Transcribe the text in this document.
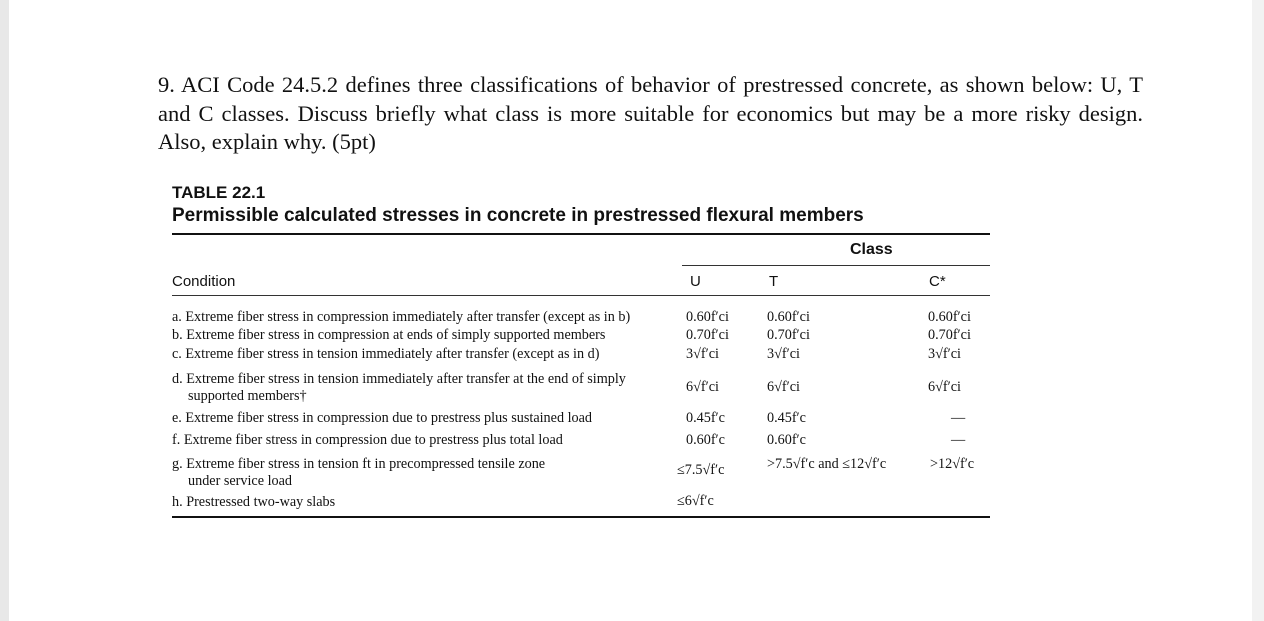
9. ACI Code 24.5.2 defines three classifications of behavior of prestressed concrete, as shown below: U, T and C classes. Discuss briefly what class is more suitable for economics but may be a more risky design. Also, explain why. (5pt)
TABLE 22.1
Permissible calculated stresses in concrete in prestressed flexural members
Class
Condition	U	T	C*
a. Extreme fiber stress in compression immediately after transfer (except as in b)	0.60f′ci	0.60f′ci	0.60f′ci
b. Extreme fiber stress in compression at ends of simply supported members	0.70f′ci	0.70f′ci	0.70f′ci
c. Extreme fiber stress in tension immediately after transfer (except as in d)	3√f′ci	3√f′ci	3√f′ci
d. Extreme fiber stress in tension immediately after transfer at the end of simply
supported members†
6√f′ci	6√f′ci	6√f′ci
e. Extreme fiber stress in compression due to prestress plus sustained load	0.45f′c	0.45f′c	—
f. Extreme fiber stress in compression due to prestress plus total load	0.60f′c	0.60f′c	—
g. Extreme fiber stress in tension ft in precompressed tensile zone
under service load
≤7.5√f′c	>7.5√f′c and ≤12√f′c	>12√f′c
h. Prestressed two-way slabs	≤6√f′c
